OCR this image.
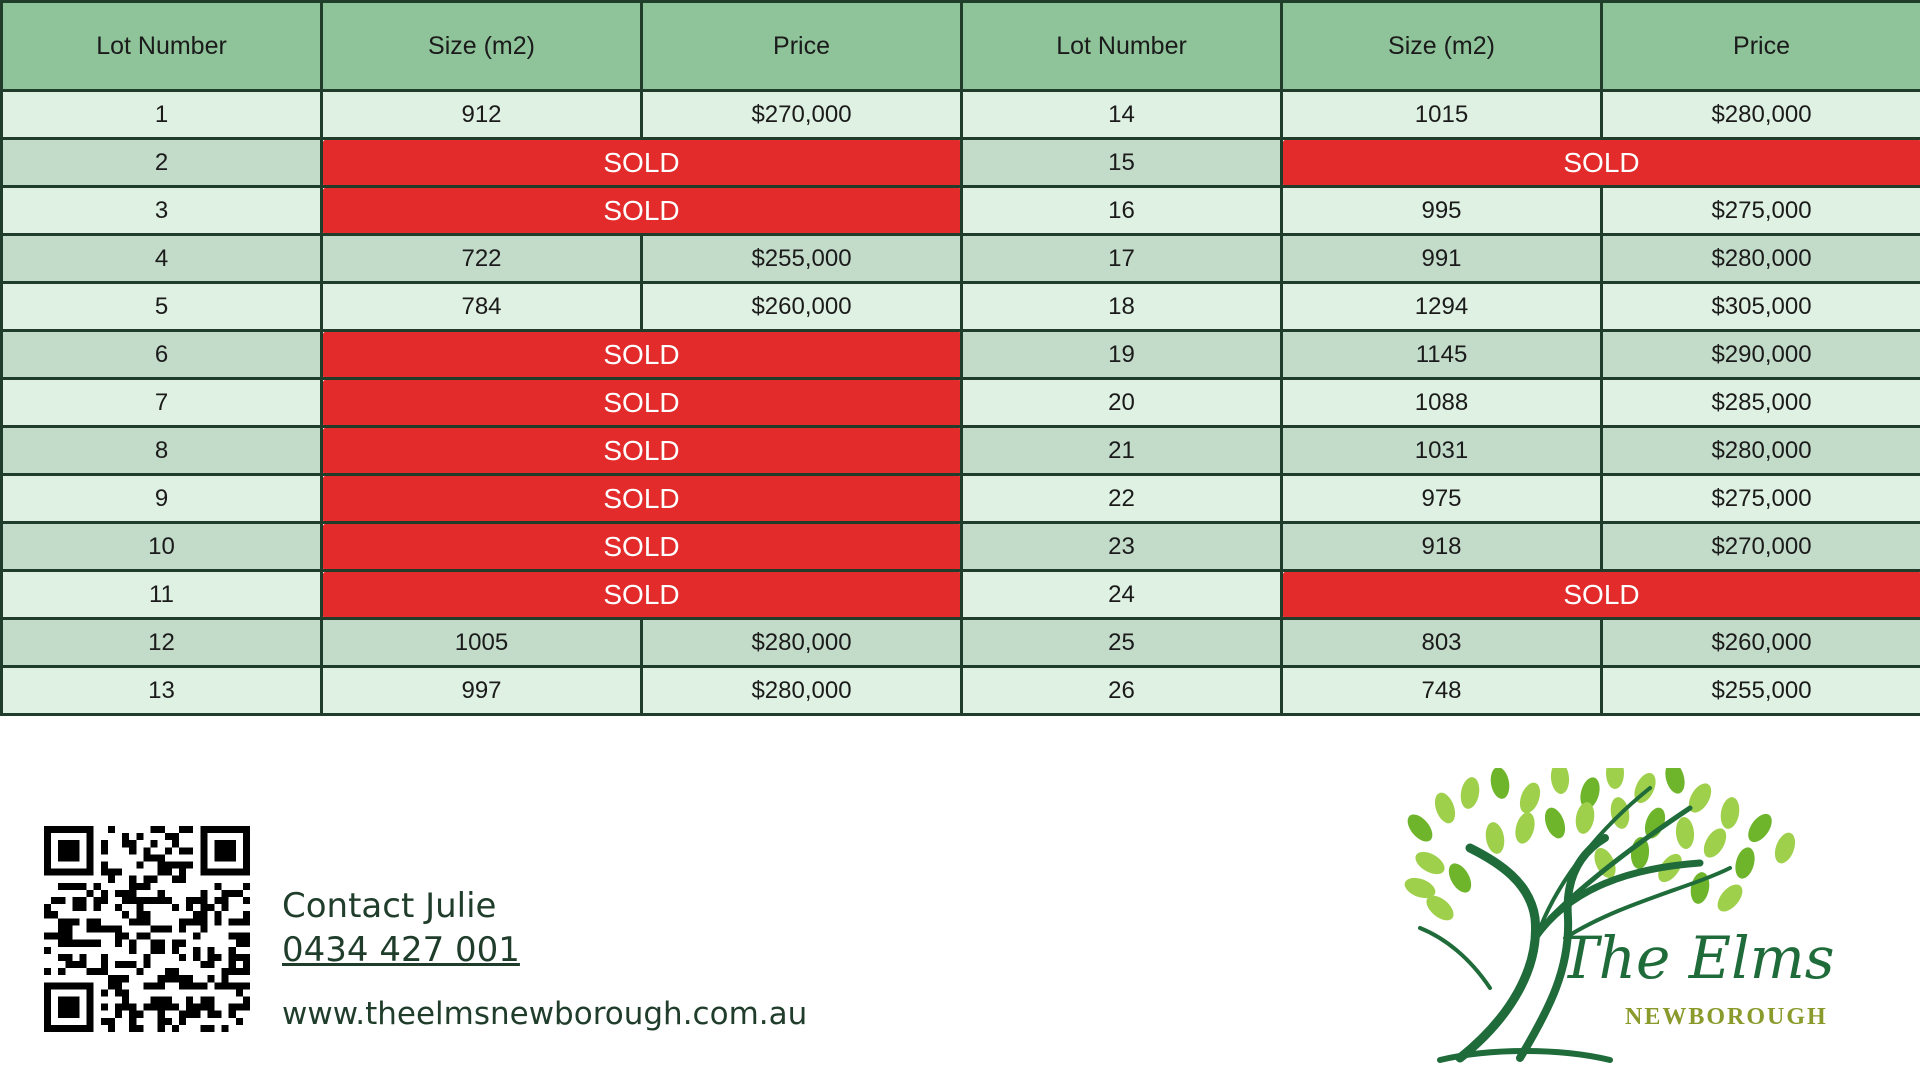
Lot Number	Size (m2)	Price	Lot Number	Size (m2)	Price
1	912	$270,000	14	1015	$280,000
2	SOLD		15	SOLD	
3	SOLD		16	995	$275,000
4	722	$255,000	17	991	$280,000
5	784	$260,000	18	1294	$305,000
6	SOLD		19	1145	$290,000
7	SOLD		20	1088	$285,000
8	SOLD		21	1031	$280,000
9	SOLD		22	975	$275,000
10	SOLD		23	918	$270,000
11	SOLD		24	SOLD	
12	1005	$280,000	25	803	$260,000
13	997	$280,000	26	748	$255,000
Contact Julie
0434 427 001
www.theelmsnewborough.com.au
The Elms
NEWBOROUGH
